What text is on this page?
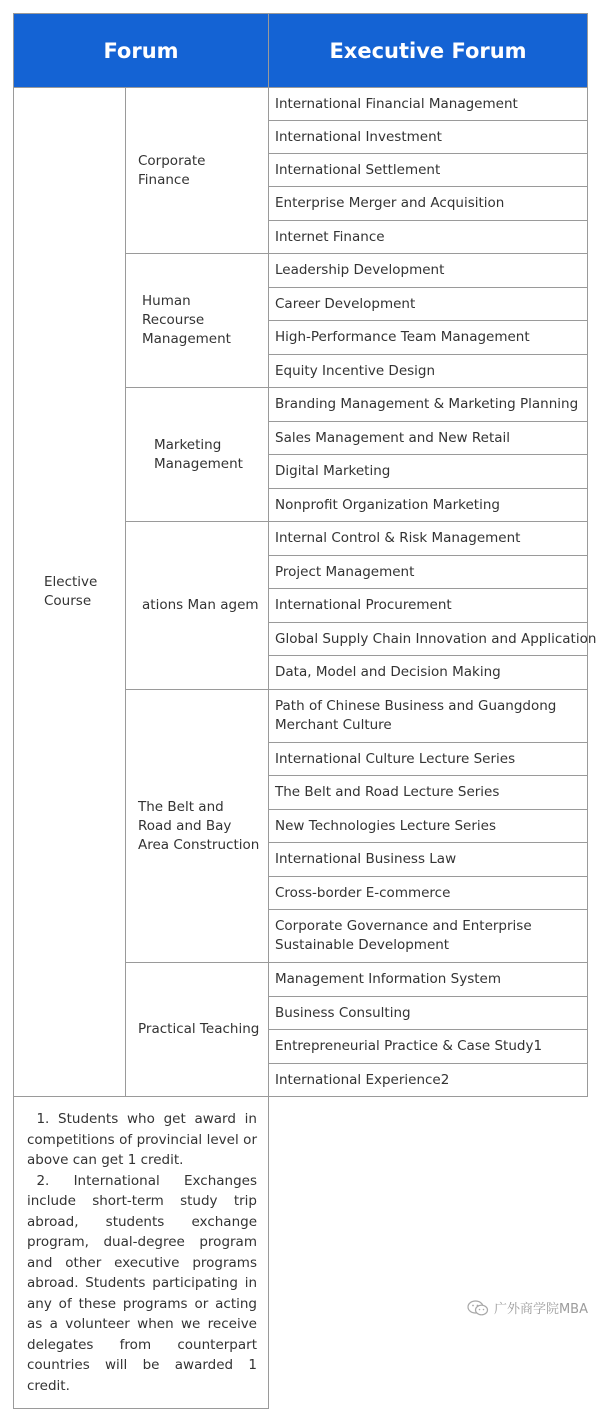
Forum		Executive Forum

Elective Course	Corporate Finance	International Financial Management
		International Investment
		International Settlement
		Enterprise Merger and Acquisition
		Internet Finance

	Human Recourse Management	Leadership Development
		Career Development
		High-Performance Team Management
		Equity Incentive Design

	Marketing Management	Branding Management & Marketing Planning
		Sales Management and New Retail
		Digital Marketing
		Nonprofit Organization Marketing
	ations Man agem	Internal Control & Risk Management
		Project Management
		International Procurement
		Global Supply Chain Innovation and Application
		Data, Model and Decision Making

	The Belt and Road and Bay Area Construction	Path of Chinese Business and Guangdong Merchant Culture
		International Culture Lecture Series
		The Belt and Road Lecture Series
		New Technologies Lecture Series
		International Business Law
		Cross-border E-commerce
		Corporate Governance and Enterprise Sustainable Development
	Practical Teaching	Management Information System
		Business Consulting
		Entrepreneurial Practice & Case Study1
		International Experience2

1. Students who get award in competitions of provincial level or above can get 1 credit.
2. International Exchanges include short-term study trip abroad, students exchange program, dual-degree program and other executive programs abroad. Students participating in any of these programs or acting as a volunteer when we receive delegates from counterpart countries will be awarded 1 credit.		
广外商学院MBA
